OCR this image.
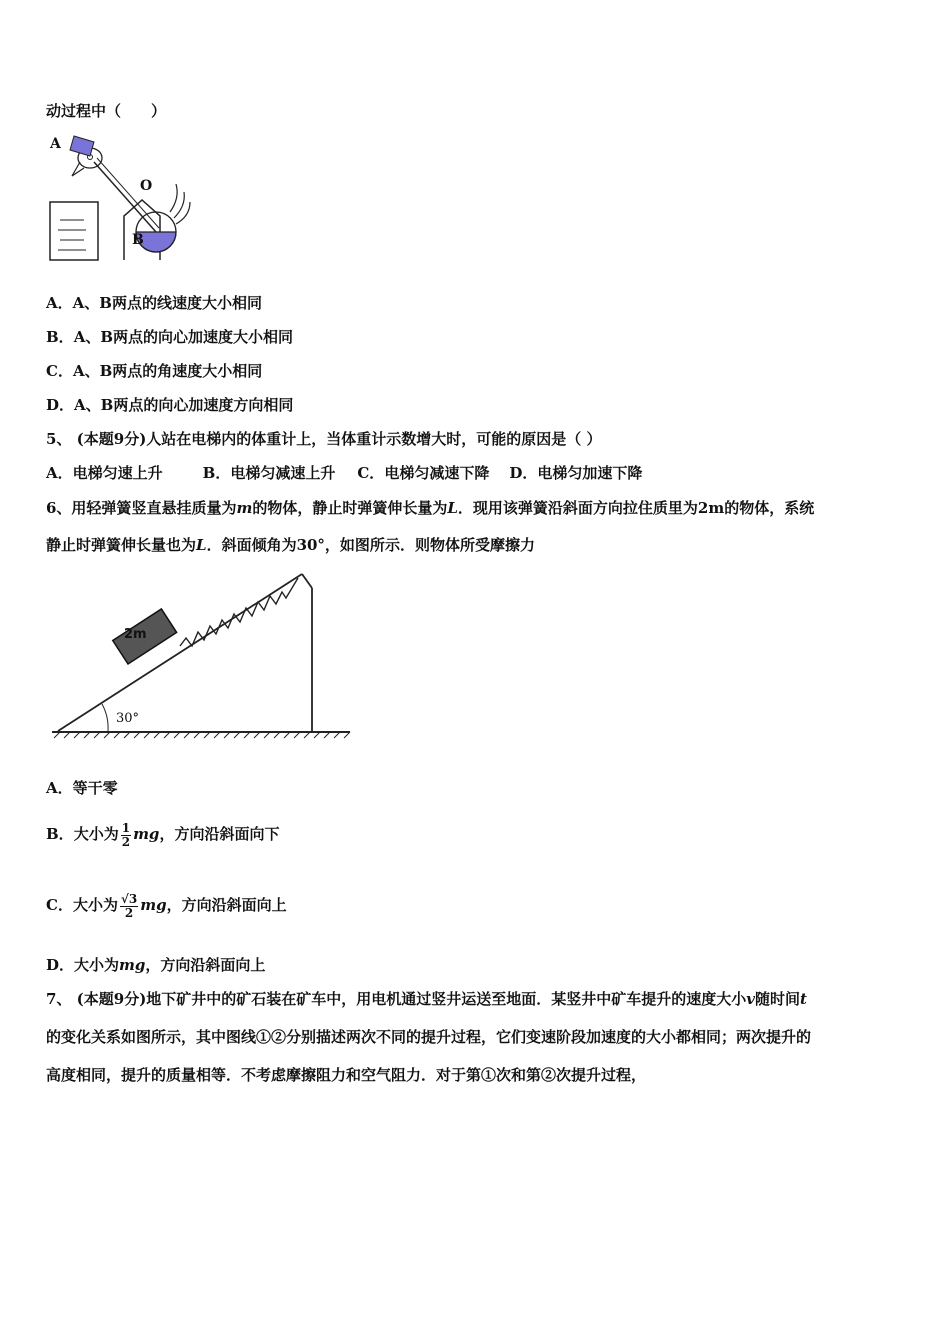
动过程中（　　）
A
O
B
A．A、B两点的线速度大小相同
B．A、B两点的向心加速度大小相同
C．A、B两点的角速度大小相同
D．A、B两点的向心加速度方向相同
5、 (本题9分)人站在电梯内的体重计上，当体重计示数增大时，可能的原因是（ ）
A．电梯匀速上升	B．电梯匀减速上升 C．电梯匀减速下降 D．电梯匀加速下降
6、用轻弹簧竖直悬挂质量为m的物体，静止时弹簧伸长量为L．现用该弹簧沿斜面方向拉住质里为2m的物体，系统
静止时弹簧伸长量也为L．斜面倾角为30°，如图所示．则物体所受摩擦力
30°
2m
A．等干零
B．大小为 $\frac{1}{2}$ mg，方向沿斜面向下
C．大小为 $\frac{√3}{2}$ mg，方向沿斜面向上
D．大小为mg，方向沿斜面向上
7、 (本题9分)地下矿井中的矿石装在矿车中，用电机通过竖井运送至地面．某竖井中矿车提升的速度大小v随时间t
的变化关系如图所示，其中图线①②分别描述两次不同的提升过程，它们变速阶段加速度的大小都相同；两次提升的
高度相同，提升的质量相等．不考虑摩擦阻力和空气阻力．对于第①次和第②次提升过程，
